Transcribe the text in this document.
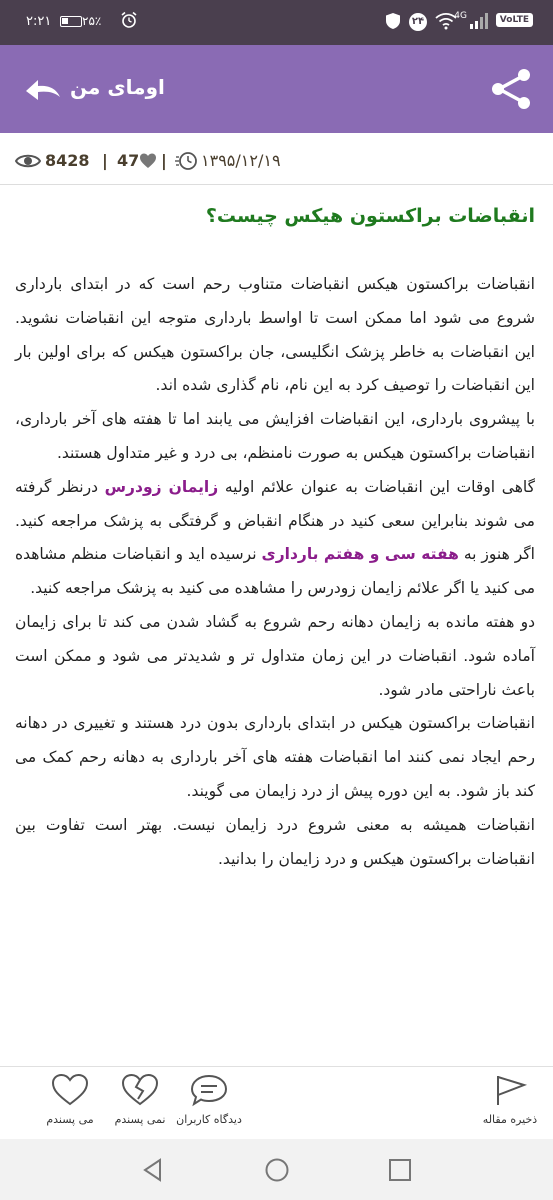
۲:۲۱	۲۵٪	۲۴	4G	VoLTE
اومای من
8428 | 47 | ۱۳۹۵/۱۲/۱۹
انقباضات براکستون هیکس چیست؟

انقباضات براکستون هیکس انقباضات متناوب رحم است که در ابتدای بارداری شروع می شود اما ممکن است تا اواسط بارداری متوجه این انقباضات نشوید. این انقباضات به خاطر پزشک انگلیسی، جان براکستون هیکس که برای اولین بار این انقباضات را توصیف کرد به این نام، نام گذاری شده اند.

با پیشروی بارداری، این انقباضات افزایش می یابند اما تا هفته های آخر بارداری، انقباضات براکستون هیکس به صورت نامنظم، بی درد و غیر متداول هستند.

گاهی اوقات این انقباضات به عنوان علائم اولیه زایمان زودرس درنظر گرفته می شوند بنابراین سعی کنید در هنگام انقباض و گرفتگی به پزشک مراجعه کنید. اگر هنوز به هفته سی و هفتم بارداری نرسیده اید و انقباضات منظم مشاهده می کنید یا اگر علائم زایمان زودرس را مشاهده می کنید به پزشک مراجعه کنید.

دو هفته مانده به زایمان دهانه رحم شروع به گشاد شدن می کند تا برای زایمان آماده شود. انقباضات در این زمان متداول تر و شدیدتر می شود و ممکن است باعث ناراحتی مادر شود.

انقباضات براکستون هیکس در ابتدای بارداری بدون درد هستند و تغییری در دهانه رحم ایجاد نمی کنند اما انقباضات هفته های آخر بارداری به دهانه رحم کمک می کند باز شود. به این دوره پیش از درد زایمان می گویند.

انقباضات همیشه به معنی شروع درد زایمان نیست. بهتر است تفاوت بین انقباضات براکستون هیکس و درد زایمان را بدانید.

می پسندم	نمی پسندم دیدگاه کاربران	ذخیره مقاله
